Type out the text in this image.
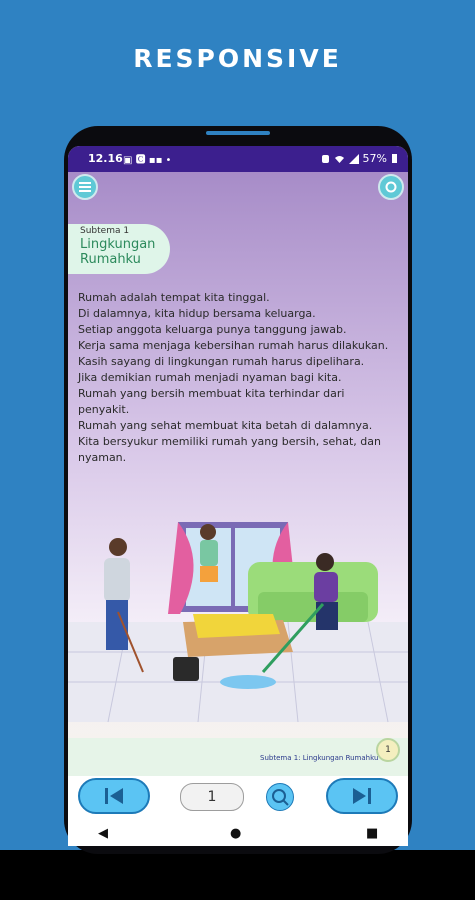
RESPONSIVE
12.16 ▣ 🅲 ▪▪ •	57%
Subtema 1
Lingkungan Rumahku

Rumah adalah tempat kita tinggal.

Di dalamnya, kita hidup bersama keluarga.

Setiap anggota keluarga punya tanggung jawab.

Kerja sama menjaga kebersihan rumah harus dilakukan.

Kasih sayang di lingkungan rumah harus dipelihara.

Jika demikian rumah menjadi nyaman bagi kita.

Rumah yang bersih membuat kita terhindar dari penyakit.

Rumah yang sehat membuat kita betah di dalamnya.

Kita bersyukur memiliki rumah yang bersih, sehat, dan nyaman.

Subtema 1: Lingkungan Rumahku
1
1
◀	●	■
